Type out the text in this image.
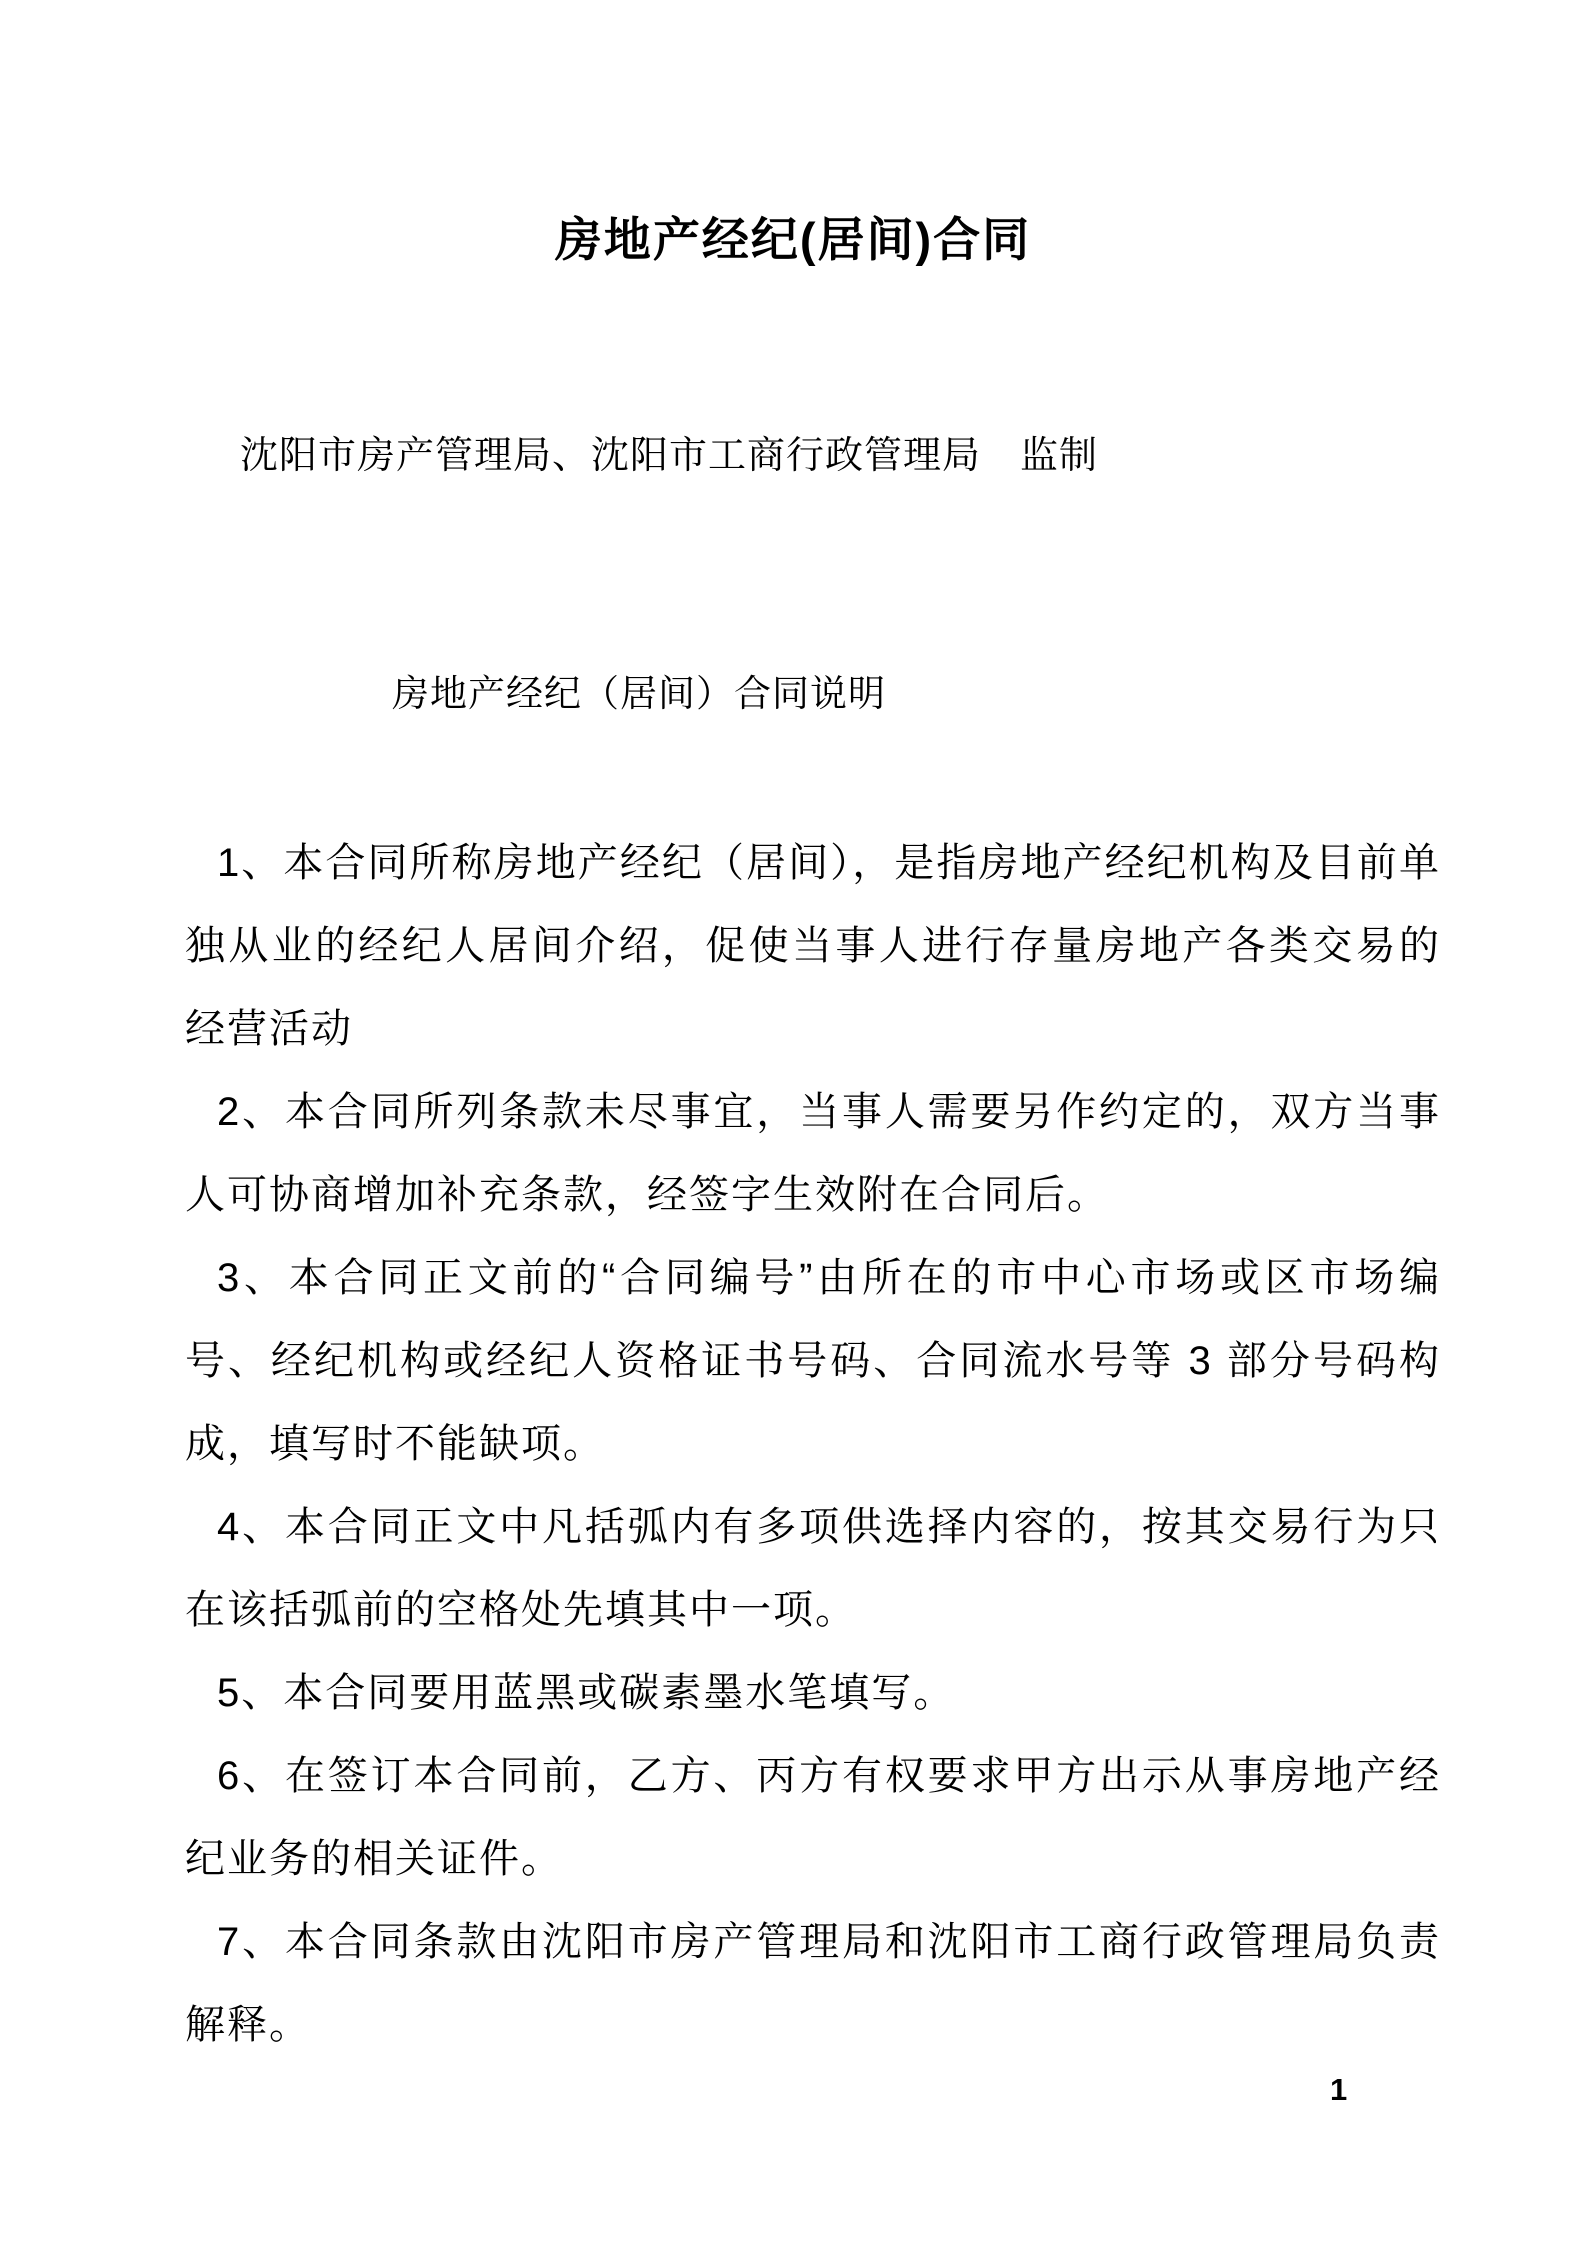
房地产经纪(居间)合同
沈阳市房产管理局、沈阳市工商行政管理局　监制
房地产经纪（居间）合同说明

1、本合同所称房地产经纪（居间），是指房地产经纪机构及目前单独从业的经纪人居间介绍，促使当事人进行存量房地产各类交易的经营活动

2、本合同所列条款未尽事宜，当事人需要另作约定的，双方当事人可协商增加补充条款，经签字生效附在合同后。

3、本合同正文前的“合同编号”由所在的市中心市场或区市场编号、经纪机构或经纪人资格证书号码、合同流水号等 3 部分号码构成，填写时不能缺项。

4、本合同正文中凡括弧内有多项供选择内容的，按其交易行为只在该括弧前的空格处先填其中一项。

5、本合同要用蓝黑或碳素墨水笔填写。

6、在签订本合同前，乙方、丙方有权要求甲方出示从事房地产经纪业务的相关证件。

7、本合同条款由沈阳市房产管理局和沈阳市工商行政管理局负责解释。

1
